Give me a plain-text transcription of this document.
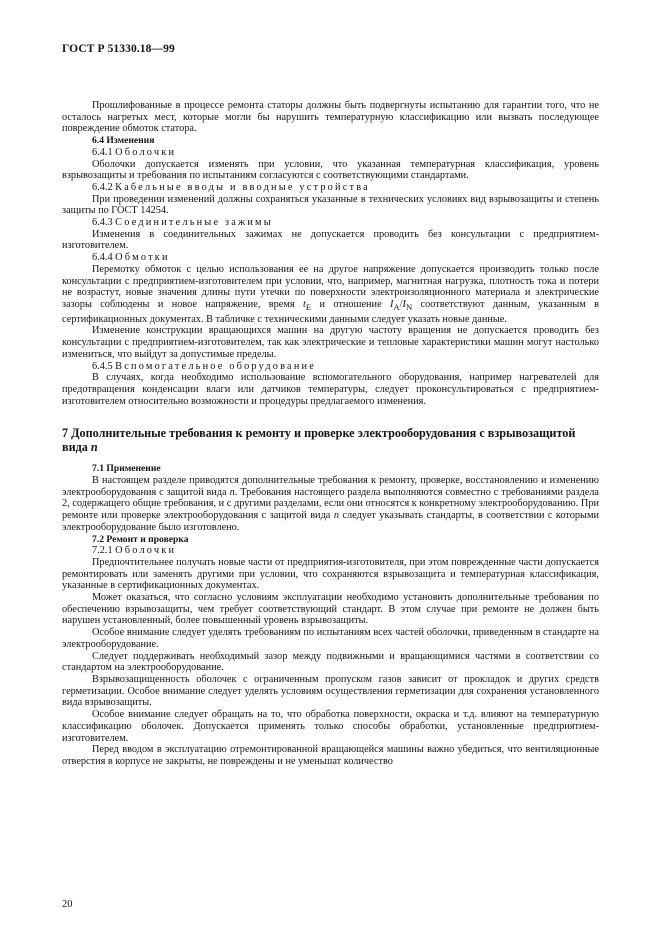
ГОСТ Р 51330.18—99

Прошлифованные в процессе ремонта статоры должны быть подвергнуты испытанию для гарантии того, что не осталось нагретых мест, которые могли бы нарушить температурную классификацию или вызвать последующее повреждение обмоток статора.

6.4 Изменения
6.4.1 Оболочки

Оболочки допускается изменять при условии, что указанная температурная классификация, уровень взрывозащиты и требования по испытаниям согласуются с соответствующими стандартами.

6.4.2 Кабельные вводы и вводные устройства

При проведении изменений должны сохраняться указанные в технических условиях вид взрывозащиты и степень защиты по ГОСТ 14254.

6.4.3 Соединительные зажимы

Изменения в соединительных зажимах не допускается проводить без консультации с предприятием-изготовителем.

6.4.4 Обмотки

Перемотку обмоток с целью использования ее на другое напряжение допускается производить только после консультации с предприятием-изготовителем при условии, что, например, магнитная нагрузка, плотность тока и потери не возрастут, новые значения длины пути утечки по поверхности электроизоляционного материала и электрические зазоры соблюдены и новое напряжение, время $t_E$ и отношение $I_A/I_N$ соответствуют данным, указанным в сертификационных документах. В табличке с техническими данными следует указать новые данные.

Изменение конструкции вращающихся машин на другую частоту вращения не допускается проводить без консультации с предприятием-изготовителем, так как электрические и тепловые характеристики машин могут настолько измениться, что выйдут за допустимые пределы.

6.4.5 Вспомогательное оборудование

В случаях, когда необходимо использование вспомогательного оборудования, например нагревателей для предотвращения конденсации влаги или датчиков температуры, следует проконсультироваться с предприятием-изготовителем относительно возможности и процедуры предлагаемого изменения.

7 Дополнительные требования к ремонту и проверке электрооборудования с взрывозащитой вида n
7.1 Применение

В настоящем разделе приводятся дополнительные требования к ремонту, проверке, восстановлению и изменению электрооборудования с защитой вида n. Требования настоящего раздела выполняются совместно с требованиями раздела 2, содержащего общие требования, и с другими разделами, если они относятся к конкретному электрооборудованию. При ремонте или проверке электрооборудования с защитой вида n следует указывать стандарты, в соответствии с которыми электрооборудование было изготовлено.

7.2 Ремонт и проверка
7.2.1 Оболочки

Предпочтительнее получать новые части от предприятия-изготовителя, при этом поврежденные части допускается ремонтировать или заменять другими при условии, что сохраняются взрывозащита и температурная классификация, указанные в сертификационных документах.

Может оказаться, что согласно условиям эксплуатации необходимо установить дополнительные требования по обеспечению взрывозащиты, чем требует соответствующий стандарт. В этом случае при ремонте не должен быть нарушен установленный, более повышенный уровень взрывозащиты.

Особое внимание следует уделять требованиям по испытаниям всех частей оболочки, приведенным в стандарте на электрооборудование.

Следует поддерживать необходимый зазор между подвижными и вращающимися частями в соответствии со стандартом на электрооборудование.

Взрывозащищенность оболочек с ограниченным пропуском газов зависит от прокладок и других средств герметизации. Особое внимание следует уделять условиям осуществления герметизации для сохранения установленного вида взрывозащиты.

Особое внимание следует обращать на то, что обработка поверхности, окраска и т.д. влияют на температурную классификацию оболочек. Допускается применять только способы обработки, установленные предприятием-изготовителем.

Перед вводом в эксплуатацию отремонтированной вращающейся машины важно убедиться, что вентиляционные отверстия в корпусе не закрыты, не повреждены и не уменьшат количество

20
